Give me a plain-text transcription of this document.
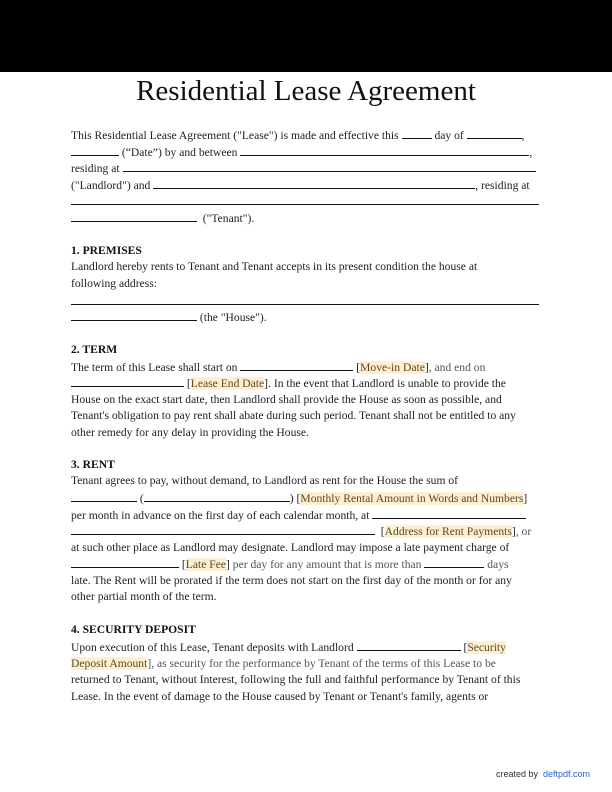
Residential Lease Agreement
This Residential Lease Agreement ("Lease") is made and effective this	day of	,
(“Date”) by and between	,
residing at
("Landlord") and	, residing at
("Tenant").
1. PREMISES
Landlord hereby rents to Tenant and Tenant accepts in its present condition the house at
following address:
(the "House").
2. TERM
The term of this Lease shall start on	[Move-in Date], and end on
[Lease End Date]. In the event that Landlord is unable to provide the
House on the exact start date, then Landlord shall provide the House as soon as possible, and
Tenant's obligation to pay rent shall abate during such period. Tenant shall not be entitled to any
other remedy for any delay in providing the House.
3. RENT
Tenant agrees to pay, without demand, to Landlord as rent for the House the sum of
(	) [Monthly Rental Amount in Words and Numbers]
per month in advance on the first day of each calendar month, at
[Address for Rent Payments], or
at such other place as Landlord may designate. Landlord may impose a late payment charge of
[Late Fee] per day for any amount that is more than	days
late. The Rent will be prorated if the term does not start on the first day of the month or for any
other partial month of the term.
4. SECURITY DEPOSIT
Upon execution of this Lease, Tenant deposits with Landlord	[Security
Deposit Amount], as security for the performance by Tenant of the terms of this Lease to be
returned to Tenant, without Interest, following the full and faithful performance by Tenant of this
Lease. In the event of damage to the House caused by Tenant or Tenant's family, agents or
created by deftpdf.com
